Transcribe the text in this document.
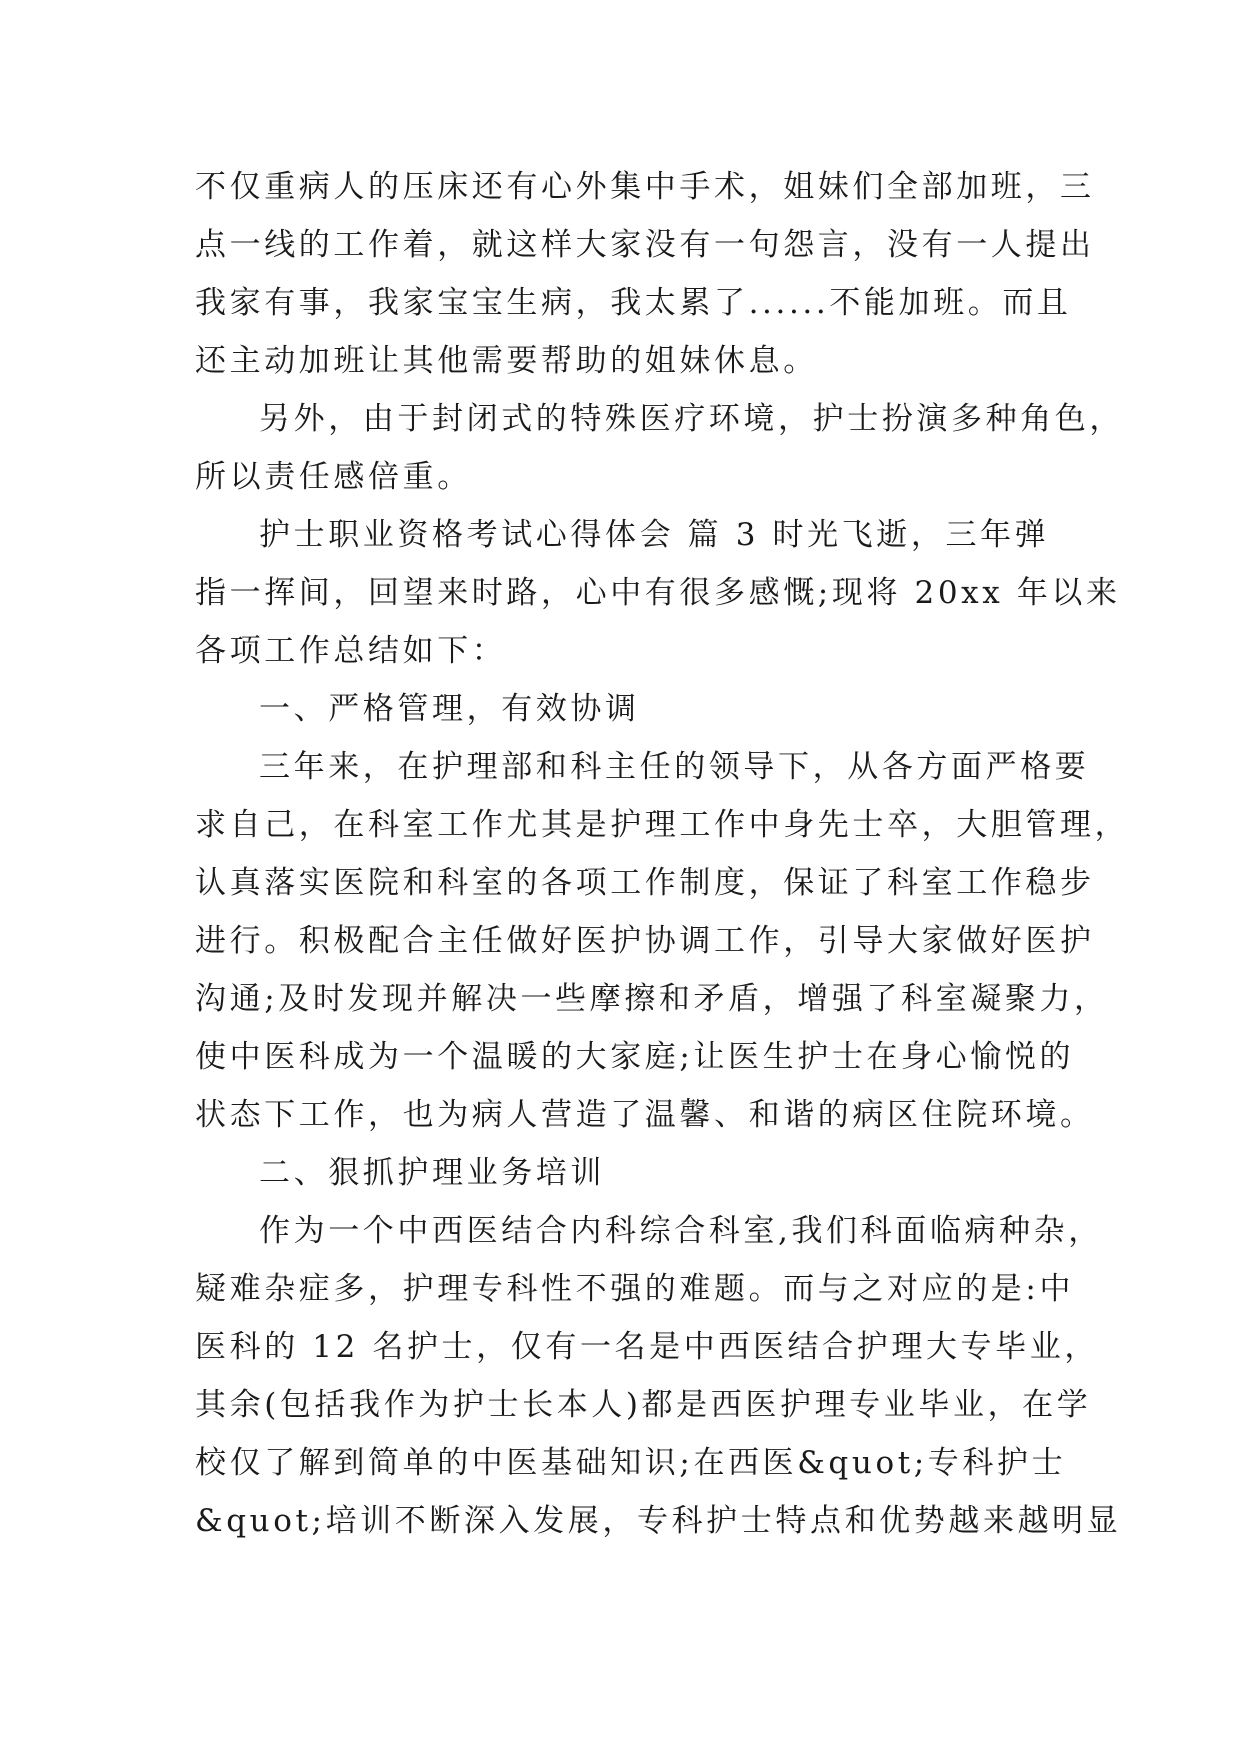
不仅重病人的压床还有心外集中手术，姐妹们全部加班，三
点一线的工作着，就这样大家没有一句怨言，没有一人提出
我家有事，我家宝宝生病，我太累了......不能加班。而且
还主动加班让其他需要帮助的姐妹休息。
另外，由于封闭式的特殊医疗环境，护士扮演多种角色，
所以责任感倍重。
护士职业资格考试心得体会 篇 3 时光飞逝，三年弹
指一挥间，回望来时路，心中有很多感慨;现将 20xx 年以来
各项工作总结如下：
一、严格管理，有效协调
三年来，在护理部和科主任的领导下，从各方面严格要
求自己，在科室工作尤其是护理工作中身先士卒，大胆管理，
认真落实医院和科室的各项工作制度，保证了科室工作稳步
进行。积极配合主任做好医护协调工作，引导大家做好医护
沟通;及时发现并解决一些摩擦和矛盾，增强了科室凝聚力，
使中医科成为一个温暖的大家庭;让医生护士在身心愉悦的
状态下工作，也为病人营造了温馨、和谐的病区住院环境。
二、狠抓护理业务培训
作为一个中西医结合内科综合科室,我们科面临病种杂，
疑难杂症多，护理专科性不强的难题。而与之对应的是:中
医科的 12 名护士，仅有一名是中西医结合护理大专毕业，
其余(包括我作为护士长本人)都是西医护理专业毕业，在学
校仅了解到简单的中医基础知识;在西医&quot;专科护士
&quot;培训不断深入发展，专科护士特点和优势越来越明显
